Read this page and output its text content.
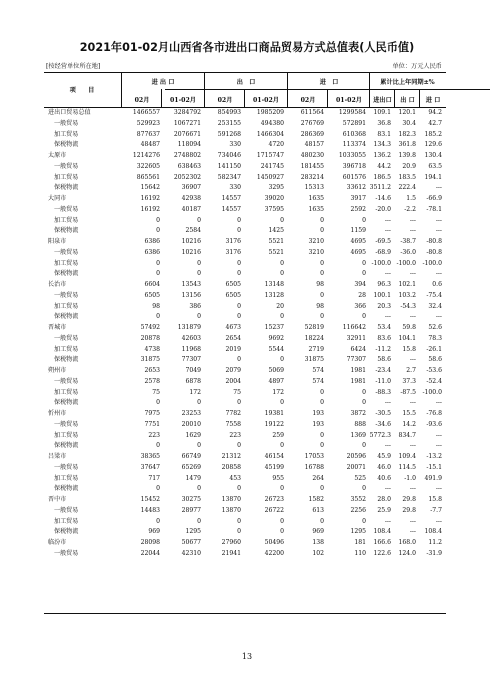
2021年01-02月山西省各市进出口商品贸易方式总值表(人民币值)
[按经营单位所在地]	单位：万元人民币
项　　目
进 出 口	出　口	进　口	累计比上年同期±%
02月	01-02月	02月	01-02月	02月	01-02月	进出口	出 口	进 口
进出口贸易总值	1466557 3284792	854993	1985209	611564 1299584 109.1 120.1 94.2
一般贸易	529923 1067271	253155	494380	276769	572891 36.8 30.4 42.7
加工贸易	877637 2076671	591268	1466304	286369	610368 83.1 182.3 185.2
保税物流	48487	118094	330	4720	48157	113374 134.3 361.8 129.6
太原市	1214276 2748802	734046	1715747	480230 1033055 136.2 139.8 130.4
一般贸易	322605	638463	141150	241745	181455	396718 44.2 20.9 63.5
加工贸易	865561 2052302	582347	1450927	283214	601576 186.5 183.5 194.1
保税物流	15642	36907	330	3295	15313	33612 3511.2 222.4	---
大同市	16192	42938	14557	39020	1635	3917 -14.6	1.5 -66.9
一般贸易	16192	40187	14557	37595	1635	2592 -20.0 -2.2 -78.1
加工贸易	0	0	0	0	0	0	---	---	---
保税物流	0	2584	0	1425	0	1159	---	---	---
阳泉市	6386	10216	3176	5521	3210	4695 -69.5 -38.7 -80.8
一般贸易	6386	10216	3176	5521	3210	4695 -68.9 -36.0 -80.8
加工贸易	0	0	0	0	0	0 -100.0 -100.0 -100.0
保税物流	0	0	0	0	0	0	---	---	---
长治市	6604	13543	6505	13148	98	394 96.3 102.1	0.6
一般贸易	6505	13156	6505	13128	0	28 100.1 103.2 -75.4
加工贸易	98	386	0	20	98	366 20.3 -54.3 32.4
保税物流	0	0	0	0	0	0	---	---	---
晋城市	57492	131879	4673	15237	52819	116642 53.4 59.8 52.6
一般贸易	20878	42603	2654	9692	18224	32911 83.6 104.1 78.3
加工贸易	4738	11968	2019	5544	2719	6424 -11.2 15.8 -26.1
保税物流	31875	77307	0	0	31875	77307 58.6	--- 58.6
朔州市	2653	7049	2079	5069	574	1981 -23.4	2.7 -53.6
一般贸易	2578	6878	2004	4897	574	1981 -11.0 37.3 -52.4
加工贸易	75	172	75	172	0	0 -88.3 -87.5 -100.0
保税物流	0	0	0	0	0	0	---	---	---
忻州市	7975	23253	7782	19381	193	3872 -30.5 15.5 -76.8
一般贸易	7751	20010	7558	19122	193	888 -34.6 14.2 -93.6
加工贸易	223	1629	223	259	0	1369 5772.3 834.7	---
保税物流	0	0	0	0	0	0	---	---	---
吕梁市	38365	66749	21312	46154	17053	20596 45.9 109.4 -13.2
一般贸易	37647	65269	20858	45199	16788	20071 46.0 114.5 -15.1
加工贸易	717	1479	453	955	264	525 40.6 -1.0 491.9
保税物流	0	0	0	0	0	0	---	---	---
晋中市	15452	30275	13870	26723	1582	3552 28.0 29.8 15.8
一般贸易	14483	28977	13870	26722	613	2256 25.9 29.8 -7.7
加工贸易	0	0	0	0	0	0	---	---	---
保税物流	969	1295	0	0	969	1295 108.4	--- 108.4
临汾市	28098	50677	27960	50496	138	181 166.6 168.0 11.2
一般贸易	22044	42310	21941	42200	102	110 122.6 124.0 -31.9
13
